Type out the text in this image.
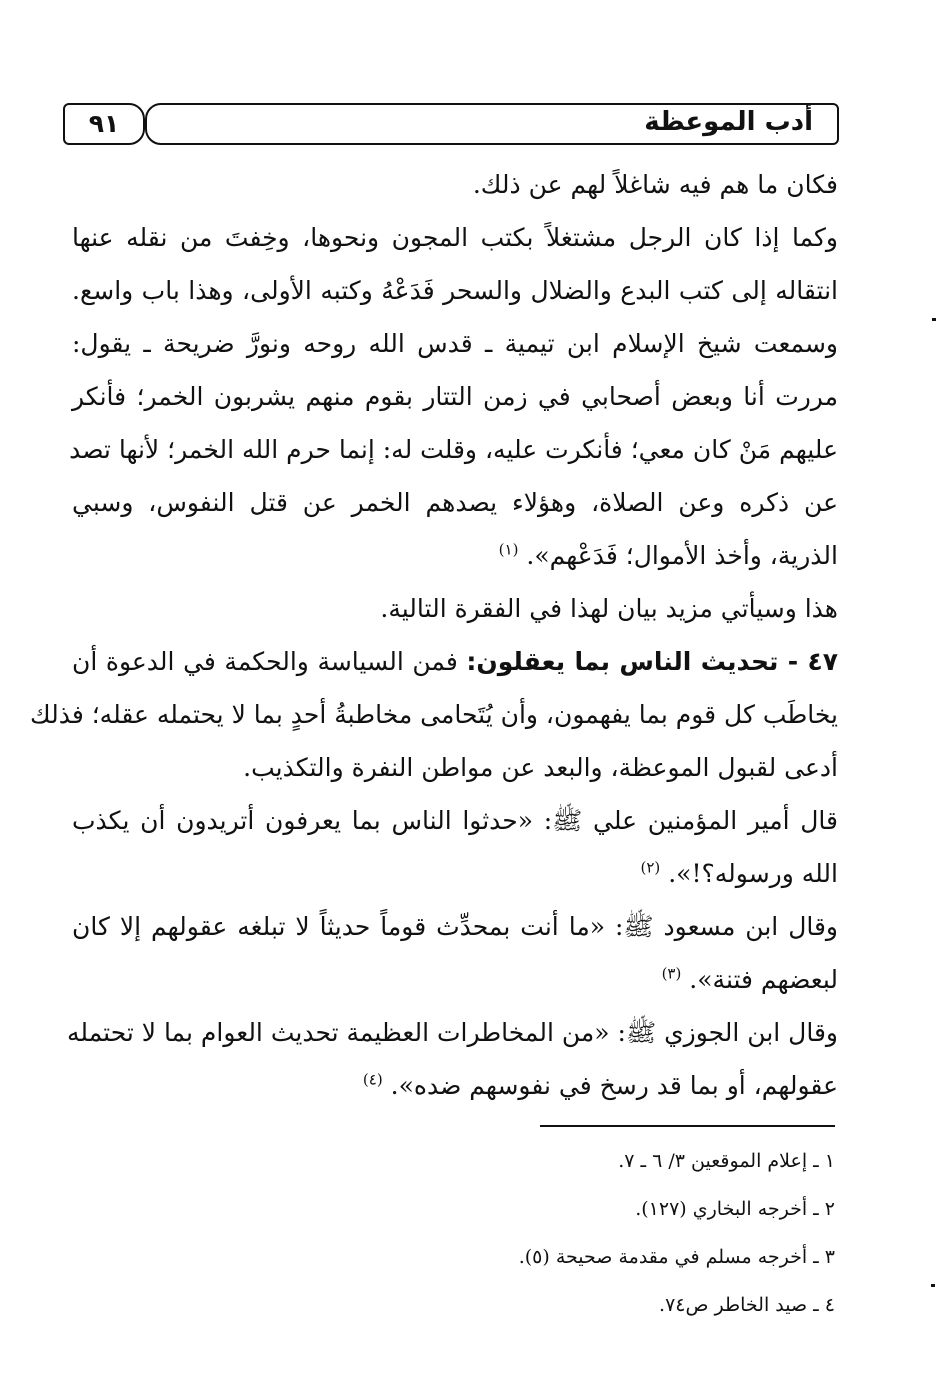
أدب الموعظة
٩١
فكان ما هم فيه شاغلاً لهم عن ذلك.
وكما إذا كان الرجل مشتغلاً بكتب المجون ونحوها، وخِفتَ من نقله عنها
انتقاله إلى كتب البدع والضلال والسحر فَدَعْهُ وكتبه الأولى، وهذا باب واسع.
وسمعت شيخ الإسلام ابن تيمية ـ قدس الله روحه ونورَّ ضريحة ـ يقول:
مررت أنا وبعض أصحابي في زمن التتار بقوم منهم يشربون الخمر؛ فأنكر
عليهم مَنْ كان معي؛ فأنكرت عليه، وقلت له: إنما حرم الله الخمر؛ لأنها تصد
عن ذكره وعن الصلاة، وهؤلاء يصدهم الخمر عن قتل النفوس، وسبي
الذرية، وأخذ الأموال؛ فَدَعْهم». $^{(١)}$
هذا وسيأتي مزيد بيان لهذا في الفقرة التالية.
٤٧ - تحديث الناس بما يعقلون: فمن السياسة والحكمة في الدعوة أن
يخاطَب كل قوم بما يفهمون، وأن يُتَحامى مخاطبةُ أحدٍ بما لا يحتمله عقله؛ فذلك
أدعى لقبول الموعظة، والبعد عن مواطن النفرة والتكذيب.
قال أمير المؤمنين علي ﷺ: «حدثوا الناس بما يعرفون أتريدون أن يكذب
الله ورسوله؟!». $^{(٢)}$
وقال ابن مسعود ﷺ: «ما أنت بمحدِّث قوماً حديثاً لا تبلغه عقولهم إلا كان
لبعضهم فتنة». $^{(٣)}$
وقال ابن الجوزي ﷺ: «من المخاطرات العظيمة تحديث العوام بما لا تحتمله
عقولهم، أو بما قد رسخ في نفوسهم ضده». $^{(٤)}$
١ ـ إعلام الموقعين ٣/ ٦ ـ ٧.
٢ ـ أخرجه البخاري (١٢٧).
٣ ـ أخرجه مسلم في مقدمة صحيحة (٥).
٤ ـ صيد الخاطر ص٧٤.
